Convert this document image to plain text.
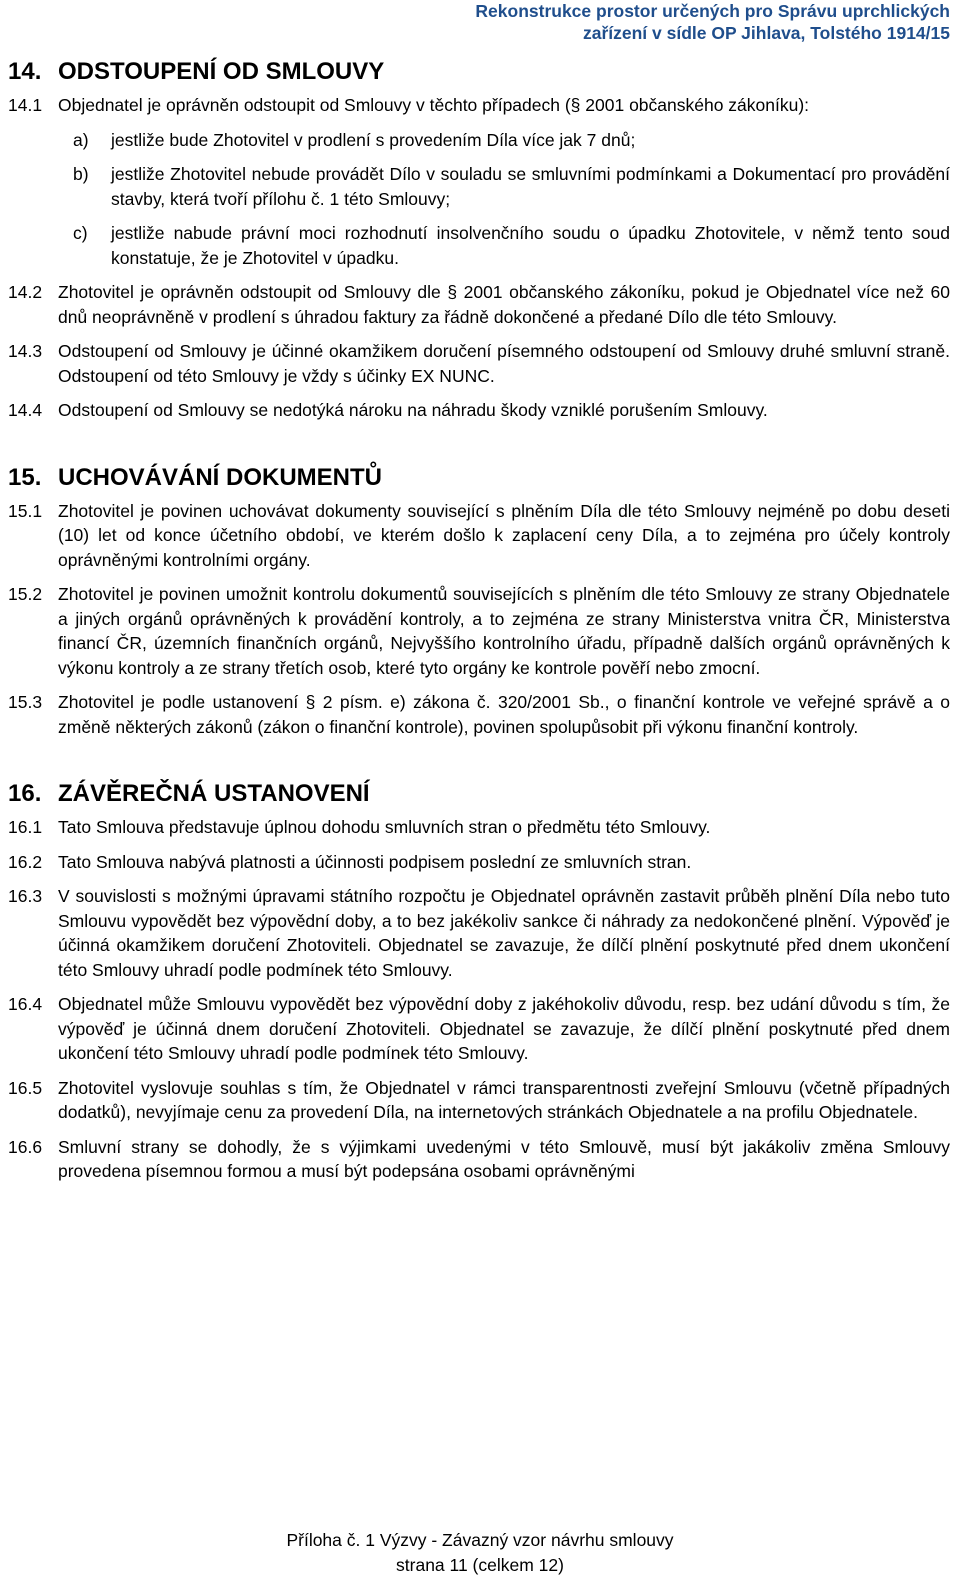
Rekonstrukce prostor určených pro Správu uprchlických
zařízení v sídle OP Jihlava, Tolstého 1914/15
14. ODSTOUPENÍ OD SMLOUVY
14.1 Objednatel je oprávněn odstoupit od Smlouvy v těchto případech (§ 2001 občanského zákoníku):
a)	jestliže bude Zhotovitel v prodlení s provedením Díla více jak 7 dnů;
b)	jestliže Zhotovitel nebude provádět Dílo v souladu se smluvními podmínkami a Dokumentací pro provádění stavby, která tvoří přílohu č. 1 této Smlouvy;
c)	jestliže nabude právní moci rozhodnutí insolvenčního soudu o úpadku Zhotovitele, v němž tento soud konstatuje, že je Zhotovitel v úpadku.
14.2 Zhotovitel je oprávněn odstoupit od Smlouvy dle § 2001 občanského zákoníku, pokud je Objednatel více než 60 dnů neoprávněně v prodlení s úhradou faktury za řádně dokončené a předané Dílo dle této Smlouvy.
14.3 Odstoupení od Smlouvy je účinné okamžikem doručení písemného odstoupení od Smlouvy druhé smluvní straně. Odstoupení od této Smlouvy je vždy s účinky EX NUNC.
14.4 Odstoupení od Smlouvy se nedotýká nároku na náhradu škody vzniklé porušením Smlouvy.
15. UCHOVÁVÁNÍ DOKUMENTŮ
15.1 Zhotovitel je povinen uchovávat dokumenty související s plněním Díla dle této Smlouvy nejméně po dobu deseti (10) let od konce účetního období, ve kterém došlo k zaplacení ceny Díla, a to zejména pro účely kontroly oprávněnými kontrolními orgány.
15.2 Zhotovitel je povinen umožnit kontrolu dokumentů souvisejících s plněním dle této Smlouvy ze strany Objednatele a jiných orgánů oprávněných k provádění kontroly, a to zejména ze strany Ministerstva vnitra ČR, Ministerstva financí ČR, územních finančních orgánů, Nejvyššího kontrolního úřadu, případně dalších orgánů oprávněných k výkonu kontroly a ze strany třetích osob, které tyto orgány ke kontrole pověří nebo zmocní.
15.3 Zhotovitel je podle ustanovení § 2 písm. e) zákona č. 320/2001 Sb., o finanční kontrole ve veřejné správě a o změně některých zákonů (zákon o finanční kontrole), povinen spolupůsobit při výkonu finanční kontroly.
16. ZÁVĚREČNÁ USTANOVENÍ
16.1 Tato Smlouva představuje úplnou dohodu smluvních stran o předmětu této Smlouvy.
16.2 Tato Smlouva nabývá platnosti a účinnosti podpisem poslední ze smluvních stran.
16.3 V souvislosti s možnými úpravami státního rozpočtu je Objednatel oprávněn zastavit průběh plnění Díla nebo tuto Smlouvu vypovědět bez výpovědní doby, a to bez jakékoliv sankce či náhrady za nedokončené plnění. Výpověď je účinná okamžikem doručení Zhotoviteli. Objednatel se zavazuje, že dílčí plnění poskytnuté před dnem ukončení této Smlouvy uhradí podle podmínek této Smlouvy.
16.4 Objednatel může Smlouvu vypovědět bez výpovědní doby z jakéhokoliv důvodu, resp. bez udání důvodu s tím, že výpověď je účinná dnem doručení Zhotoviteli. Objednatel se zavazuje, že dílčí plnění poskytnuté před dnem ukončení této Smlouvy uhradí podle podmínek této Smlouvy.
16.5 Zhotovitel vyslovuje souhlas s tím, že Objednatel v rámci transparentnosti zveřejní Smlouvu (včetně případných dodatků), nevyjímaje cenu za provedení Díla, na internetových stránkách Objednatele a na profilu Objednatele.
16.6 Smluvní strany se dohodly, že s výjimkami uvedenými v této Smlouvě, musí být jakákoliv změna Smlouvy provedena písemnou formou a musí být podepsána osobami oprávněnými
Příloha č. 1 Výzvy - Závazný vzor návrhu smlouvy
strana 11 (celkem 12)
